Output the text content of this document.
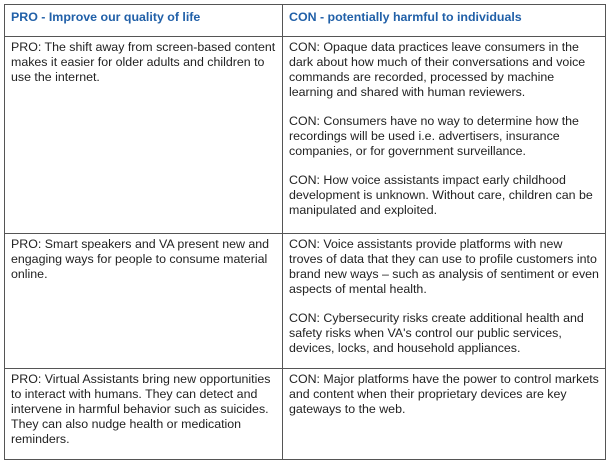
PRO - Improve our quality of life	CON - potentially harmful to individuals

PRO: The shift away from screen-based content makes it easier for older adults and children to use the internet.	CON: Opaque data practices leave consumers in the dark about how much of their conversations and voice commands are recorded, processed by machine learning and shared with human reviewers.

CON: Consumers have no way to determine how the recordings will be used i.e. advertisers, insurance companies, or for government surveillance.

CON: How voice assistants impact early childhood development is unknown. Without care, children can be manipulated and exploited.

PRO: Smart speakers and VA present new and engaging ways for people to consume material online.	CON: Voice assistants provide platforms with new troves of data that they can use to profile customers into brand new ways – such as analysis of sentiment or even aspects of mental health.

CON: Cybersecurity risks create additional health and safety risks when VA's control our public services, devices, locks, and household appliances.

PRO: Virtual Assistants bring new opportunities to interact with humans. They can detect and intervene in harmful behavior such as suicides. They can also nudge health or medication reminders.	CON: Major platforms have the power to control markets and content when their proprietary devices are key gateways to the web.
